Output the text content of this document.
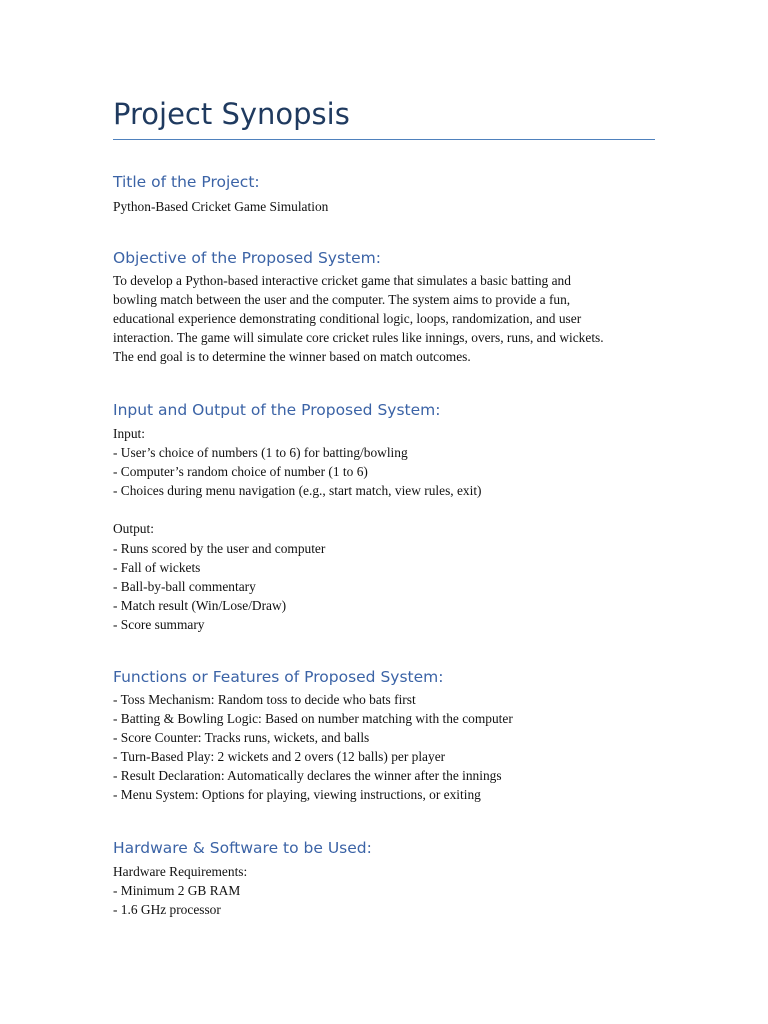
Project Synopsis
Title of the Project:

Python-Based Cricket Game Simulation

Objective of the Proposed System:

To develop a Python-based interactive cricket game that simulates a basic batting and

bowling match between the user and the computer. The system aims to provide a fun,

educational experience demonstrating conditional logic, loops, randomization, and user

interaction. The game will simulate core cricket rules like innings, overs, runs, and wickets.

The end goal is to determine the winner based on match outcomes.

Input and Output of the Proposed System:

Input:

- User’s choice of numbers (1 to 6) for batting/bowling

- Computer’s random choice of number (1 to 6)

- Choices during menu navigation (e.g., start match, view rules, exit)

Output:

- Runs scored by the user and computer

- Fall of wickets

- Ball-by-ball commentary

- Match result (Win/Lose/Draw)

- Score summary

Functions or Features of Proposed System:

- Toss Mechanism: Random toss to decide who bats first

- Batting & Bowling Logic: Based on number matching with the computer

- Score Counter: Tracks runs, wickets, and balls

- Turn-Based Play: 2 wickets and 2 overs (12 balls) per player

- Result Declaration: Automatically declares the winner after the innings

- Menu System: Options for playing, viewing instructions, or exiting

Hardware & Software to be Used:

Hardware Requirements:

- Minimum 2 GB RAM

- 1.6 GHz processor
